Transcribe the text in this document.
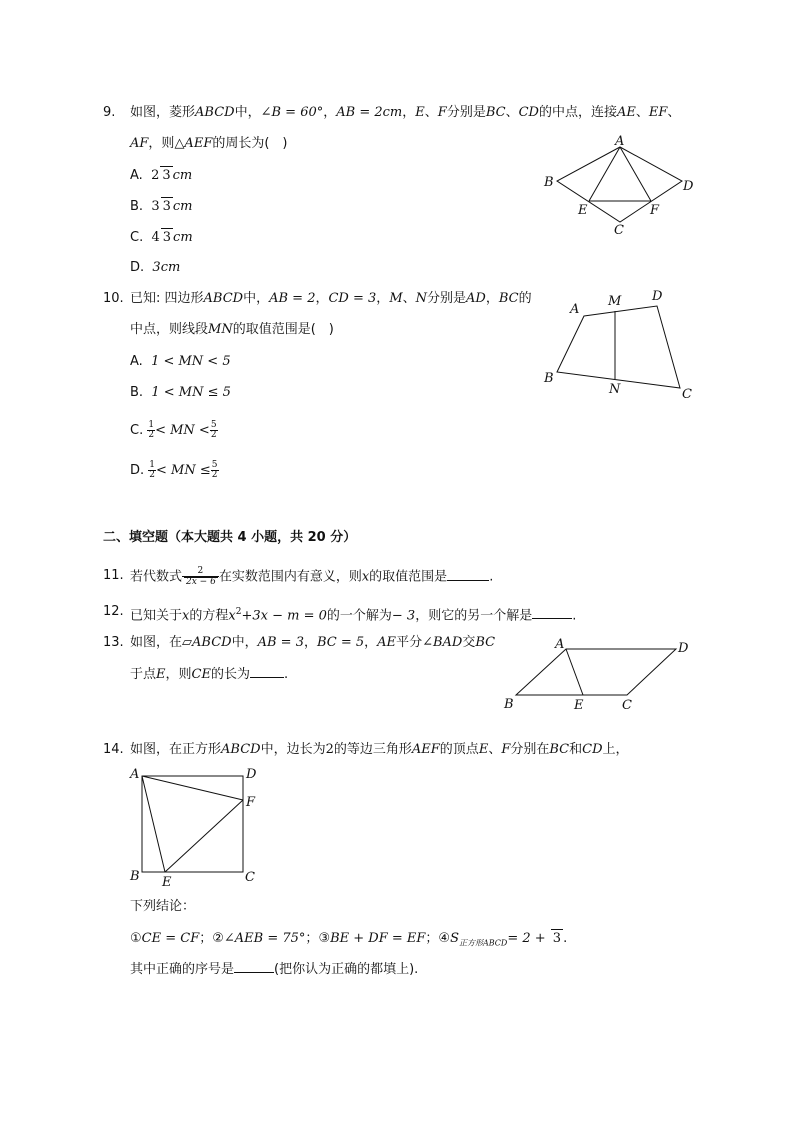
9. 如图，菱形ABCD中，∠B = 60°，AB = 2cm，E、F分别是BC、CD的中点，连接AE、EF、
AF，则△AEF的周长为(　)
A. 2 3 cm
B. 3 3 cm
C. 4 3 cm
D. 3cm
A
B
C
D
E	F
10. 已知: 四边形ABCD中，AB = 2，CD = 3，M、N分别是AD，BC的
中点，则线段MN的取值范围是(　)
A. 1 < MN < 5
B. 1 < MN ≤ 5
C. $\frac{1}{2}$ < MN < $\frac{5}{2}$
D. $\frac{1}{2}$ < MN ≤ $\frac{5}{2}$
A
B
C
D
M
N
二、填空题（本大题共 4 小题，共 20 分）
11. 若代数式 $\frac{2}{2x - 6}$ 在实数范围内有意义，则x的取值范围是	.
12. 已知关于x的方程$x^2+3x - m = 0$的一个解为− 3，则它的另一个解是	.
13. 如图，在▱ABCD中，AB = 3，BC = 5，AE平分∠BAD交BC
于点E，则CE的长为	.
A
B	C
D
E
14. 如图，在正方形ABCD中，边长为2的等边三角形AEF的顶点E、F分别在BC和CD上，
A
B	C
D
E
F
下列结论：
①CE = CF；②∠AEB = 75°；③BE + DF = EF；$④S_{正方形ABCD}= 2 + 3$ .
其中正确的序号是	(把你认为正确的都填上).
